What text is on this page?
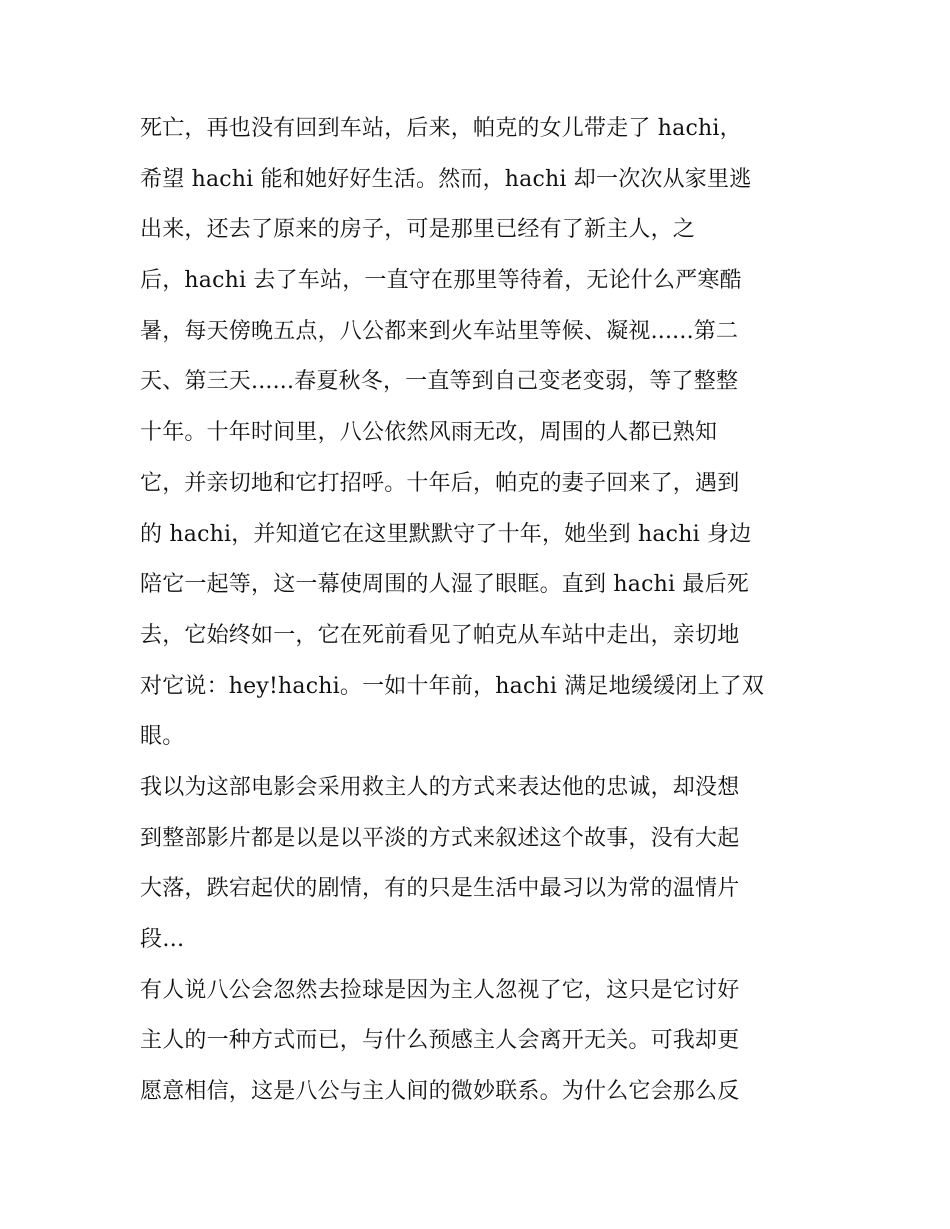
死亡，再也没有回到车站，后来，帕克的女儿带走了 hachi，
希望 hachi 能和她好好生活。然而，hachi 却一次次从家里逃
出来，还去了原来的房子，可是那里已经有了新主人，之
后，hachi 去了车站，一直守在那里等待着，无论什么严寒酷
暑，每天傍晚五点，八公都来到火车站里等候、凝视......第二
天、第三天......春夏秋冬，一直等到自己变老变弱，等了整整
十年。十年时间里，八公依然风雨无改，周围的人都已熟知
它，并亲切地和它打招呼。十年后，帕克的妻子回来了，遇到
的 hachi，并知道它在这里默默守了十年，她坐到 hachi 身边
陪它一起等，这一幕使周围的人湿了眼眶。直到 hachi 最后死
去，它始终如一，它在死前看见了帕克从车站中走出，亲切地
对它说：hey!hachi。一如十年前，hachi 满足地缓缓闭上了双
眼。
我以为这部电影会采用救主人的方式来表达他的忠诚，却没想
到整部影片都是以是以平淡的方式来叙述这个故事，没有大起
大落，跌宕起伏的剧情，有的只是生活中最习以为常的温情片
段…
有人说八公会忽然去捡球是因为主人忽视了它，这只是它讨好
主人的一种方式而已，与什么预感主人会离开无关。可我却更
愿意相信，这是八公与主人间的微妙联系。为什么它会那么反
